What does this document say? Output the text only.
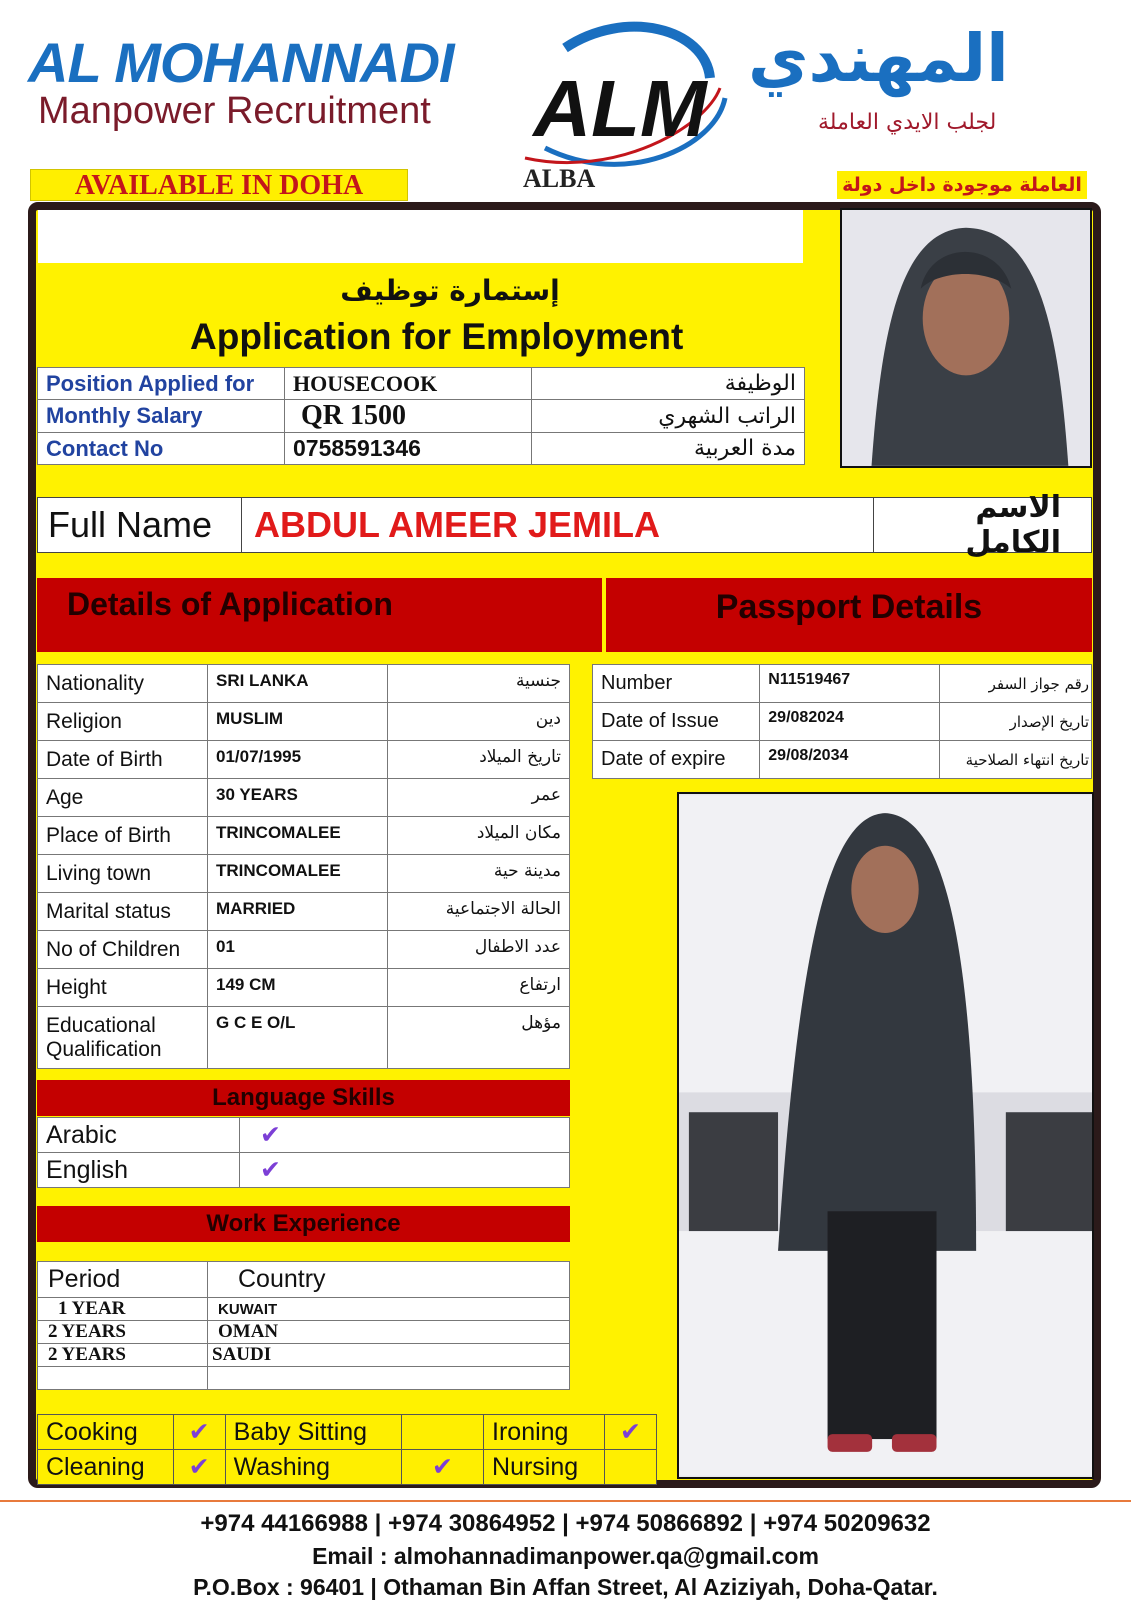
AL MOHANNADI
Manpower Recruitment ALM
المهندي
لجلب الايدي العاملة
ALBA
AVAILABLE IN DOHA	العاملة موجودة داخل دولة
إستمارة توظيف
Application for Employment
Position Applied for	HOUSECOOK	الوظيفة
Monthly Salary	QR 1500	الراتب الشهري
Contact No	0758591346	مدة العربية
Full Name	ABDUL AMEER JEMILA	الاسم الكامل
Details of Application	Passport Details
Nationality	SRI LANKA	جنسية
Religion	MUSLIM	دين
Date of Birth	01/07/1995	تاريخ الميلاد
Age	30 YEARS	عمر
Place of Birth	TRINCOMALEE	مكان الميلاد
Living town	TRINCOMALEE	مدينة حية
Marital status	MARRIED	الحالة الاجتماعية
No of Children	01	عدد الاطفال
Height	149 CM	ارتفاع
Educational Qualification	G C E O/L	مؤهل
Number	N11519467	رقم جواز السفر
Date of Issue	29/082024	تاريخ الإصدار
Date of expire	29/08/2034	تاريخ انتهاء الصلاحية
Language Skills
Arabic	✔
English	✔
Work Experience
Period	Country
1 YEAR	KUWAIT
2 YEARS	OMAN
2 YEARS	SAUDI

Cooking	✔	Baby Sitting		Ironing	✔
Cleaning	✔	Washing	✔	Nursing	
+974 44166988 | +974 30864952 | +974 50866892 | +974 50209632
Email : almohannadimanpower.qa@gmail.com
P.O.Box : 96401 | Othaman Bin Affan Street, Al Aziziyah, Doha-Qatar.
